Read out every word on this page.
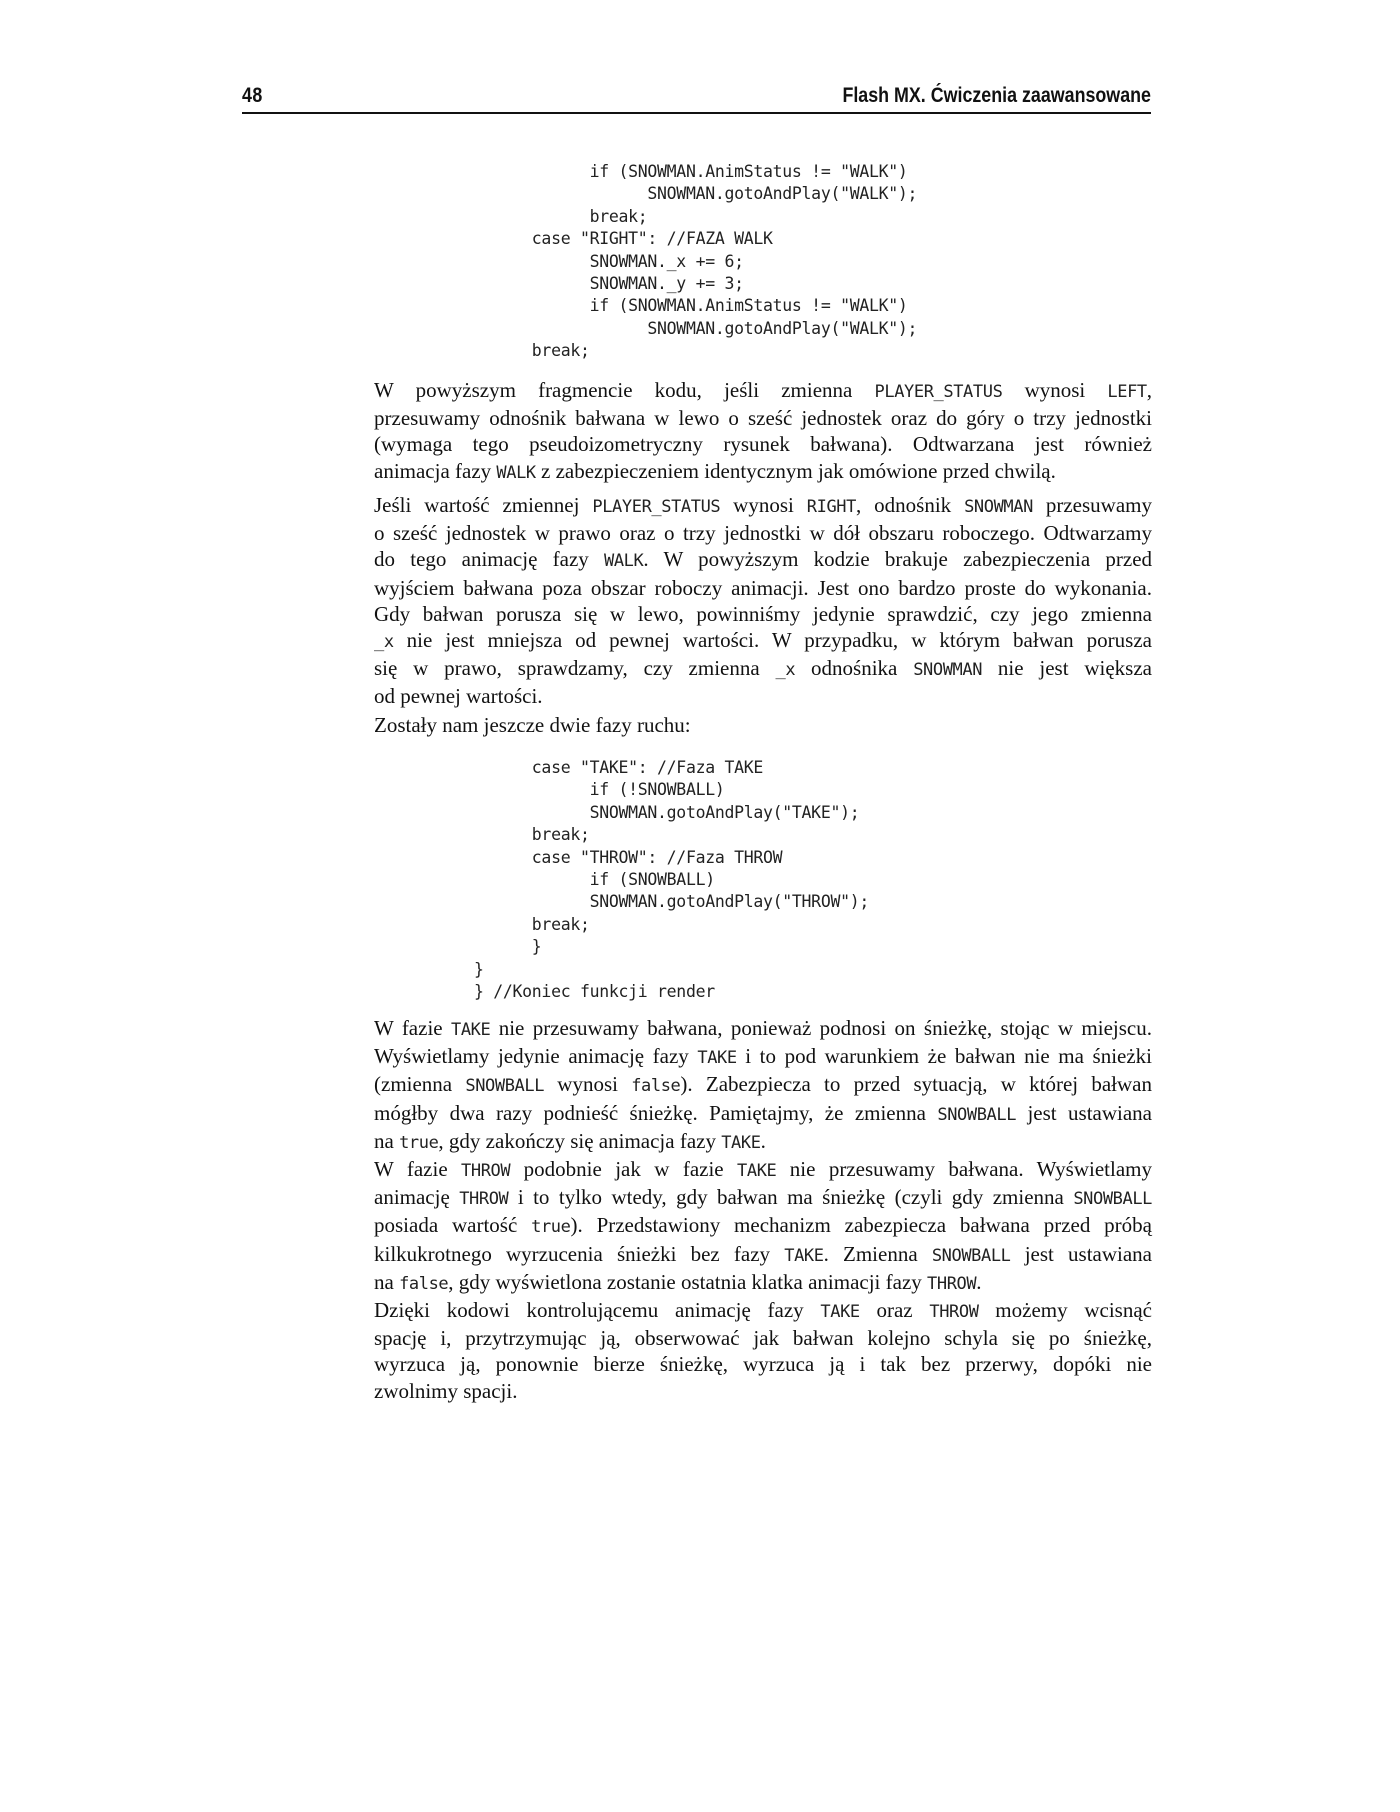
48	Flash MX. Ćwiczenia zaawansowane
if (SNOWMAN.AnimStatus != "WALK")
SNOWMAN.gotoAndPlay("WALK");
break;
case "RIGHT": //FAZA WALK
SNOWMAN._x += 6;
SNOWMAN._y += 3;
if (SNOWMAN.AnimStatus != "WALK")
SNOWMAN.gotoAndPlay("WALK");
break;

W powyższym fragmencie kodu, jeśli zmienna PLAYER_STATUS wynosi LEFT,
przesuwamy odnośnik bałwana w lewo o sześć jednostek oraz do góry o trzy jednostki
(wymaga tego pseudoizometryczny rysunek bałwana). Odtwarzana jest również
animacja fazy WALK z zabezpieczeniem identycznym jak omówione przed chwilą.
Jeśli wartość zmiennej PLAYER_STATUS wynosi RIGHT, odnośnik SNOWMAN przesuwamy
o sześć jednostek w prawo oraz o trzy jednostki w dół obszaru roboczego. Odtwarzamy
do tego animację fazy WALK. W powyższym kodzie brakuje zabezpieczenia przed
wyjściem bałwana poza obszar roboczy animacji. Jest ono bardzo proste do wykonania.
Gdy bałwan porusza się w lewo, powinniśmy jedynie sprawdzić, czy jego zmienna
_x nie jest mniejsza od pewnej wartości. W przypadku, w którym bałwan porusza
się w prawo, sprawdzamy, czy zmienna _x odnośnika SNOWMAN nie jest większa
od pewnej wartości.
Zostały nam jeszcze dwie fazy ruchu:
case "TAKE": //Faza TAKE
if (!SNOWBALL)
SNOWMAN.gotoAndPlay("TAKE");
break;
case "THROW": //Faza THROW
if (SNOWBALL)
SNOWMAN.gotoAndPlay("THROW");
break;
}
}
} //Koniec funkcji render

W fazie TAKE nie przesuwamy bałwana, ponieważ podnosi on śnieżkę, stojąc w miejscu.
Wyświetlamy jedynie animację fazy TAKE i to pod warunkiem że bałwan nie ma śnieżki
(zmienna SNOWBALL wynosi false). Zabezpiecza to przed sytuacją, w której bałwan
mógłby dwa razy podnieść śnieżkę. Pamiętajmy, że zmienna SNOWBALL jest ustawiana
na true, gdy zakończy się animacja fazy TAKE.
W fazie THROW podobnie jak w fazie TAKE nie przesuwamy bałwana. Wyświetlamy
animację THROW i to tylko wtedy, gdy bałwan ma śnieżkę (czyli gdy zmienna SNOWBALL
posiada wartość true). Przedstawiony mechanizm zabezpiecza bałwana przed próbą
kilkukrotnego wyrzucenia śnieżki bez fazy TAKE. Zmienna SNOWBALL jest ustawiana
na false, gdy wyświetlona zostanie ostatnia klatka animacji fazy THROW.
Dzięki kodowi kontrolującemu animację fazy TAKE oraz THROW możemy wcisnąć
spację i, przytrzymując ją, obserwować jak bałwan kolejno schyla się po śnieżkę,
wyrzuca ją, ponownie bierze śnieżkę, wyrzuca ją i tak bez przerwy, dopóki nie
zwolnimy spacji.
